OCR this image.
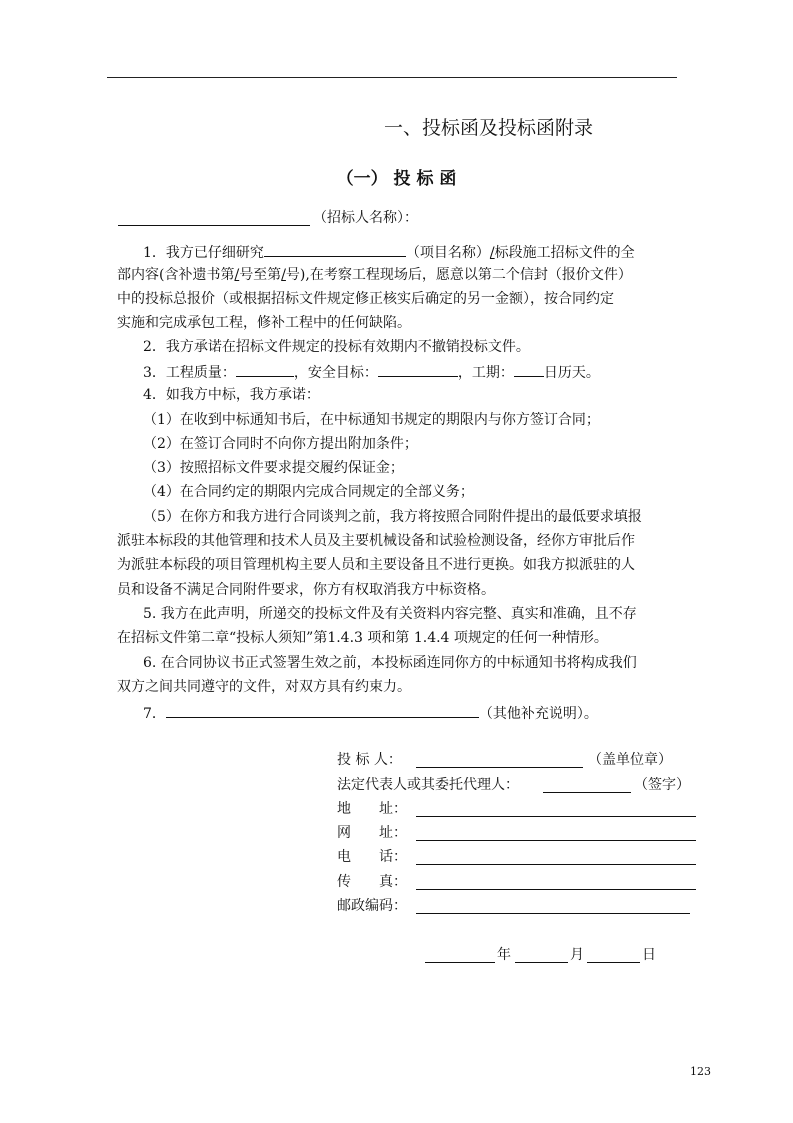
一、投标函及投标函附录
（一） 投 标 函
（招标人名称）：
1．我方已仔细研究	（项目名称）/标段施工招标文件的全
部内容(含补遗书第/号至第/号),在考察工程现场后，愿意以第二个信封（报价文件）
中的投标总报价（或根据招标文件规定修正核实后确定的另一金额），按合同约定
实施和完成承包工程，修补工程中的任何缺陷。
2．我方承诺在招标文件规定的投标有效期内不撤销投标文件。
3．工程质量：	，安全目标：	，工期： 日历天。
4．如我方中标，我方承诺：
（1）在收到中标通知书后，在中标通知书规定的期限内与你方签订合同；
（2）在签订合同时不向你方提出附加条件；
（3）按照招标文件要求提交履约保证金；
（4）在合同约定的期限内完成合同规定的全部义务；
（5）在你方和我方进行合同谈判之前，我方将按照合同附件提出的最低要求填报
派驻本标段的其他管理和技术人员及主要机械设备和试验检测设备，经你方审批后作
为派驻本标段的项目管理机构主要人员和主要设备且不进行更换。如我方拟派驻的人
员和设备不满足合同附件要求，你方有权取消我方中标资格。
5. 我方在此声明，所递交的投标文件及有关资料内容完整、真实和准确，且不存
在招标文件第二章“投标人须知”第1.4.3 项和第 1.4.4 项规定的任何一种情形。
6. 在合同协议书正式签署生效之前，本投标函连同你方的中标通知书将构成我们
双方之间共同遵守的文件，对双方具有约束力。
7．	（其他补充说明）。
投 标 人：	（盖单位章）
法定代表人或其委托代理人：	（签字）
地　　址：
网　　址：
电　　话：
传　　真：
邮政编码：
年	月	日
123
